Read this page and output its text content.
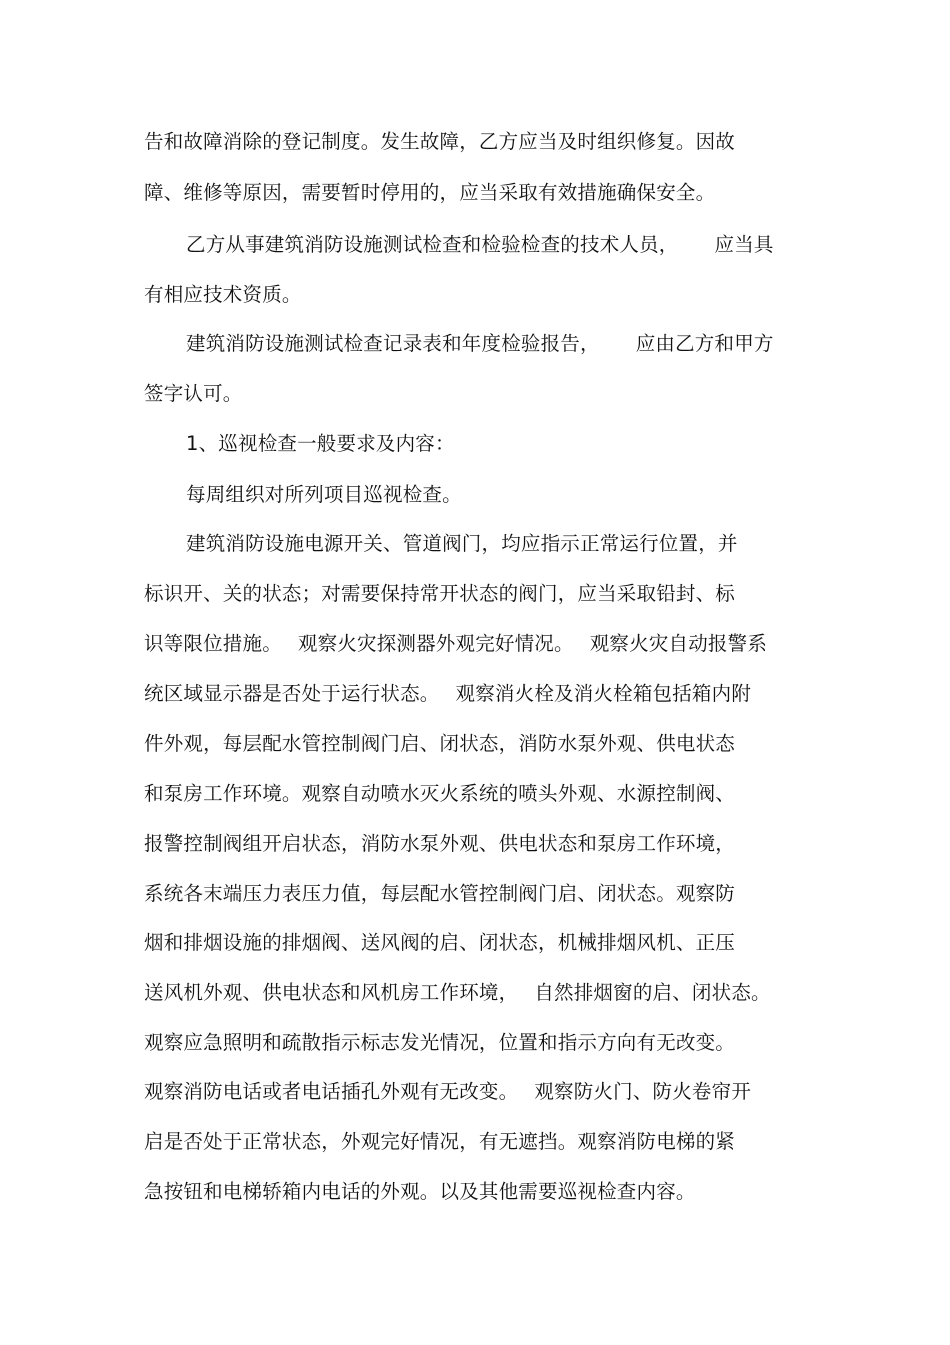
告和故障消除的登记制度。发生故障，乙方应当及时组织修复。因故
障、维修等原因，需要暂时停用的，应当采取有效措施确保安全。
乙方从事建筑消防设施测试检查和检验检查的技术人员， 应当具
有相应技术资质。
建筑消防设施测试检查记录表和年度检验报告， 应由乙方和甲方
签字认可。
1、巡视检查一般要求及内容：
每周组织对所列项目巡视检查。
建筑消防设施电源开关、管道阀门，均应指示正常运行位置，并
标识开、关的状态；对需要保持常开状态的阀门，应当采取铅封、标
识等限位措施。 观察火灾探测器外观完好情况。 观察火灾自动报警系
统区域显示器是否处于运行状态。 观察消火栓及消火栓箱包括箱内附
件外观，每层配水管控制阀门启、闭状态，消防水泵外观、供电状态
和泵房工作环境。观察自动喷水灭火系统的喷头外观、水源控制阀、
报警控制阀组开启状态，消防水泵外观、供电状态和泵房工作环境，
系统各末端压力表压力值，每层配水管控制阀门启、闭状态。观察防
烟和排烟设施的排烟阀、送风阀的启、闭状态，机械排烟风机、正压
送风机外观、供电状态和风机房工作环境， 自然排烟窗的启、闭状态。
观察应急照明和疏散指示标志发光情况，位置和指示方向有无改变。
观察消防电话或者电话插孔外观有无改变。 观察防火门、防火卷帘开
启是否处于正常状态，外观完好情况，有无遮挡。观察消防电梯的紧
急按钮和电梯轿箱内电话的外观。以及其他需要巡视检查内容。
